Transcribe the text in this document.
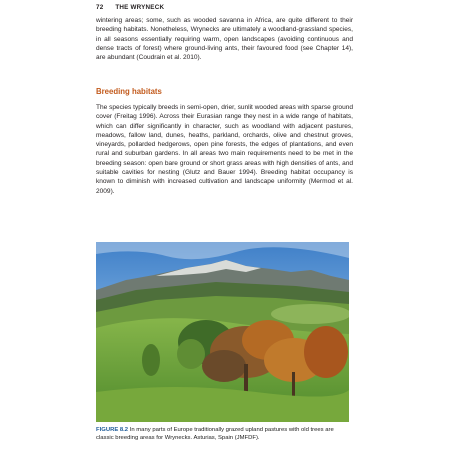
72 THE WRYNECK

wintering areas; some, such as wooded savanna in Africa, are quite different to their breeding habitats. Nonetheless, Wrynecks are ultimately a woodland-grassland species, in all seasons essentially requiring warm, open landscapes (avoiding continuous and dense tracts of forest) where ground-living ants, their favoured food (see Chapter 14), are abundant (Coudrain et al. 2010).

Breeding habitats

The species typically breeds in semi-open, drier, sunlit wooded areas with sparse ground cover (Freitag 1996). Across their Eurasian range they nest in a wide range of habitats, which can differ significantly in character, such as woodland with adjacent pastures, meadows, fallow land, dunes, heaths, parkland, orchards, olive and chestnut groves, vineyards, pollarded hedgerows, open pine forests, the edges of plantations, and even rural and suburban gardens. In all areas two main requirements need to be met in the breeding season: open bare ground or short grass areas with high densities of ants, and suitable cavities for nesting (Glutz and Bauer 1994). Breeding habitat occupancy is known to diminish with increased cultivation and landscape uniformity (Mermod et al. 2009).

FIGURE 8.2 In many parts of Europe traditionally grazed upland pastures with old trees are classic breeding areas for Wrynecks. Asturias, Spain (JMFDF).
